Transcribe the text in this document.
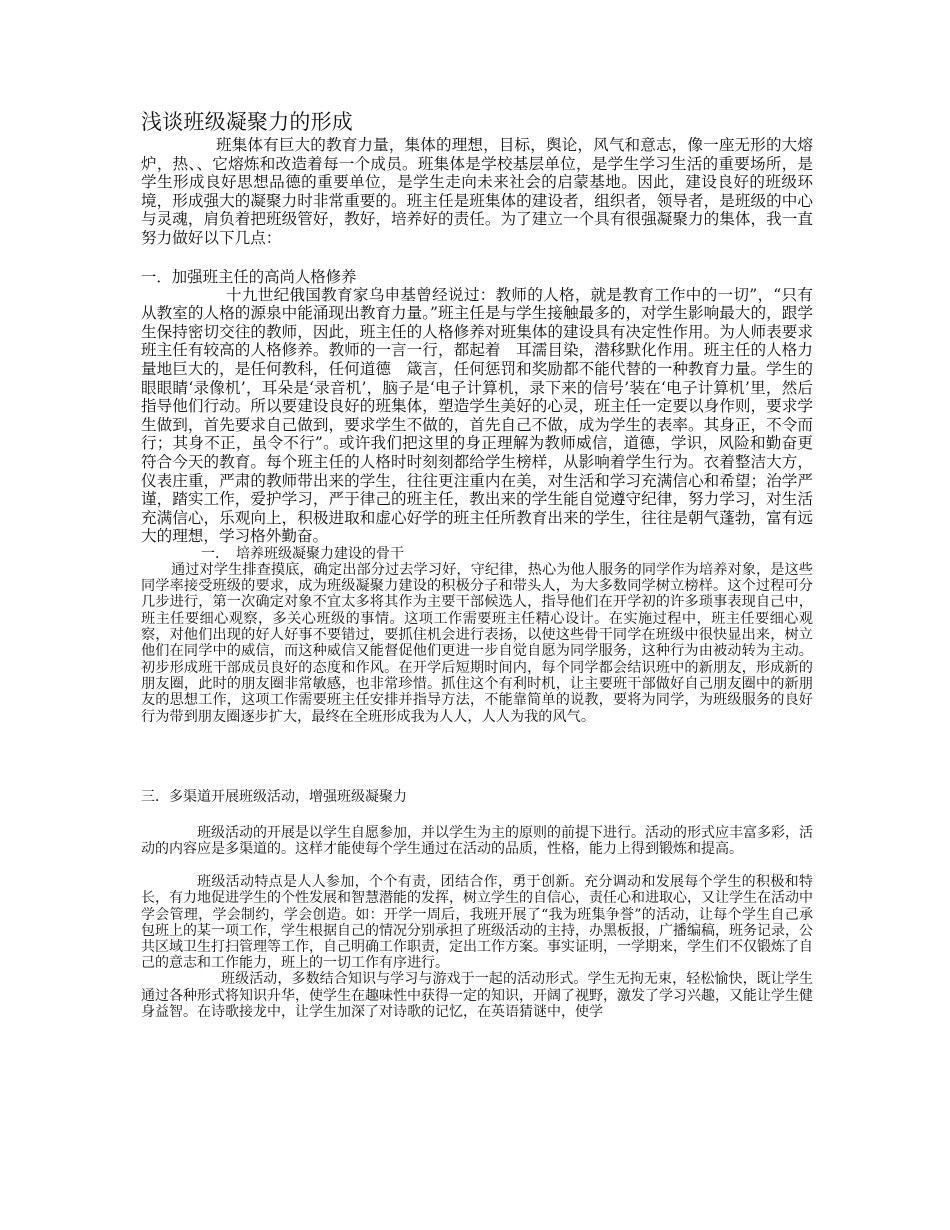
浅谈班级凝聚力的形成

班集体有巨大的教育力量，集体的理想，目标，舆论，风气和意志，像一座无形的大熔炉，热、、它熔炼和改造着每一个成员。班集体是学校基层单位，是学生学习生活的重要场所，是学生形成良好思想品德的重要单位，是学生走向未来社会的启蒙基地。因此，建设良好的班级环境，形成强大的凝聚力时非常重要的。班主任是班集体的建设者，组织者，领导者，是班级的中心与灵魂，肩负着把班级管好，教好，培养好的责任。为了建立一个具有很强凝聚力的集体，我一直努力做好以下几点：

一．加强班主任的高尚人格修养

十九世纪俄国教育家乌申基曾经说过：教师的人格，就是教育工作中的一切”，“只有从教室的人格的源泉中能涌现出教育力量。”班主任是与学生接触最多的，对学生影响最大的，跟学生保持密切交往的教师，因此，班主任的人格修养对班集体的建设具有决定性作用。为人师表要求班主任有较高的人格修养。教师的一言一行，都起着　耳濡目染，潜移默化作用。班主任的人格力量地巨大的，是任何教科，任何道德　箴言，任何惩罚和奖励都不能代替的一种教育力量。学生的眼眼睛‘录像机’，耳朵是‘录音机’，脑子是‘电子计算机，录下来的信号’装在‘电子计算机’里，然后指导他们行动。所以要建设良好的班集体，塑造学生美好的心灵，班主任一定要以身作则，要求学生做到，首先要求自己做到，要求学生不做的，首先自己不做，成为学生的表率。其身正，不令而行；其身不正，虽令不行”。或许我们把这里的身正理解为教师威信，道德，学识，风险和勤奋更符合今天的教育。每个班主任的人格时时刻刻都给学生榜样，从影响着学生行为。衣着整洁大方，仪表庄重，严肃的教师带出来的学生，往往更注重内在美，对生活和学习充满信心和希望；治学严谨，踏实工作，爱护学习，严于律己的班主任，教出来的学生能自觉遵守纪律，努力学习，对生活充满信心，乐观向上，积极进取和虚心好学的班主任所教育出来的学生，往往是朝气蓬勃，富有远大的理想，学习格外勤奋。

一．　培养班级凝聚力建设的骨干

通过对学生排查摸底，确定出部分过去学习好，守纪律，热心为他人服务的同学作为培养对象，是这些同学率接受班级的要求，成为班级凝聚力建设的积极分子和带头人，为大多数同学树立榜样。这个过程可分几步进行，第一次确定对象不宜太多将其作为主要干部候选人，指导他们在开学初的许多琐事表现自己中，班主任要细心观察，多关心班级的事情。这项工作需要班主任精心设计。在实施过程中，班主任要细心观察，对他们出现的好人好事不要错过，要抓住机会进行表扬，以使这些骨干同学在班级中很快显出来，树立他们在同学中的威信，而这种威信又能督促他们更进一步自觉自愿为同学服务，这种行为由被动转为主动。初步形成班干部成员良好的态度和作风。在开学后短期时间内，每个同学都会结识班中的新朋友，形成新的朋友圈，此时的朋友圈非常敏感，也非常珍惜。抓住这个有利时机，让主要班干部做好自己朋友圈中的新朋友的思想工作，这项工作需要班主任安排并指导方法，不能靠简单的说教，要将为同学，为班级服务的良好行为带到朋友圈逐步扩大，最终在全班形成我为人人，人人为我的风气。

三．多渠道开展班级活动，增强班级凝聚力

班级活动的开展是以学生自愿参加，并以学生为主的原则的前提下进行。活动的形式应丰富多彩，活动的内容应是多渠道的。这样才能使每个学生通过在活动的品质，性格，能力上得到锻炼和提高。

班级活动特点是人人参加，个个有责，团结合作，勇于创新。充分调动和发展每个学生的积极和特长，有力地促进学生的个性发展和智慧潜能的发挥，树立学生的自信心，责任心和进取心，又让学生在活动中学会管理，学会制约，学会创造。如：开学一周后，我班开展了“我为班集争誉”的活动，让每个学生自己承包班上的某一项工作，学生根据自己的情况分别承担了班级活动的主持，办黑板报，广播编稿，班务记录，公共区域卫生打扫管理等工作，自己明确工作职责，定出工作方案。事实证明，一学期来，学生们不仅锻炼了自己的意志和工作能力，班上的一切工作有序进行。

班级活动，多数结合知识与学习与游戏于一起的活动形式。学生无拘无束，轻松愉快，既让学生通过各种形式将知识升华，使学生在趣味性中获得一定的知识，开阔了视野，激发了学习兴趣，又能让学生健身益智。在诗歌接龙中，让学生加深了对诗歌的记忆，在英语猜谜中，使学
